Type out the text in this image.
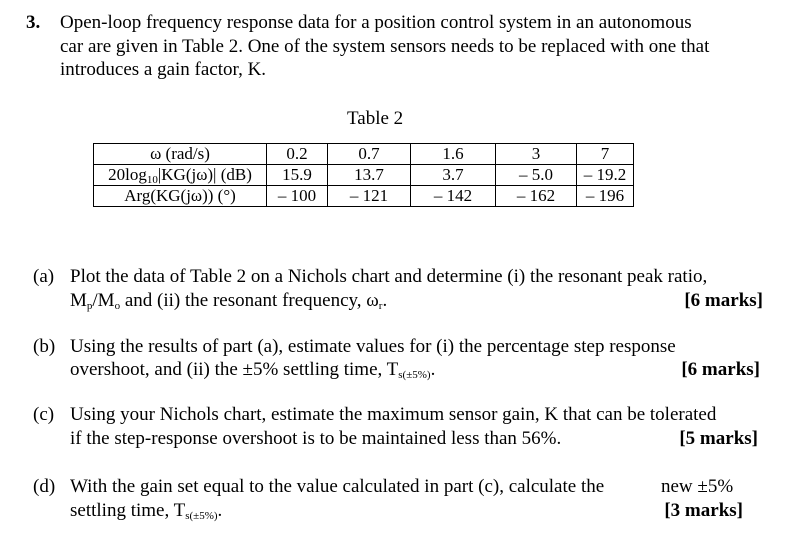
3. Open-loop frequency response data for a position control system in an autonomous
car are given in Table 2. One of the system sensors needs to be replaced with one that
introduces a gain factor, K.
Table 2
ω (rad/s)	0.2	0.7	1.6	3	7
$20\log_{10}|KG(j\omega)|$ (dB)	15.9	13.7	3.7	– 5.0	– 19.2
Arg(KG(jω)) (°)	– 100	– 121	– 142	– 162	– 196
(a) Plot the data of Table 2 on a Nichols chart and determine (i) the resonant peak ratio,
$M_p/M_o$ and (ii) the resonant frequency, $\omega_r$.	[6 marks]
(b) Using the results of part (a), estimate values for (i) the percentage step response
overshoot, and (ii) the ±5% settling time, $T_{s(\pm 5\%)}$.	[6 marks]
(c) Using your Nichols chart, estimate the maximum sensor gain, K that can be tolerated
if the step-response overshoot is to be maintained less than 56%.	[5 marks]
(d) With the gain set equal to the value calculated in part (c), calculate the	new ±5%
settling time, $T_{s(\pm 5\%)}$.	[3 marks]
